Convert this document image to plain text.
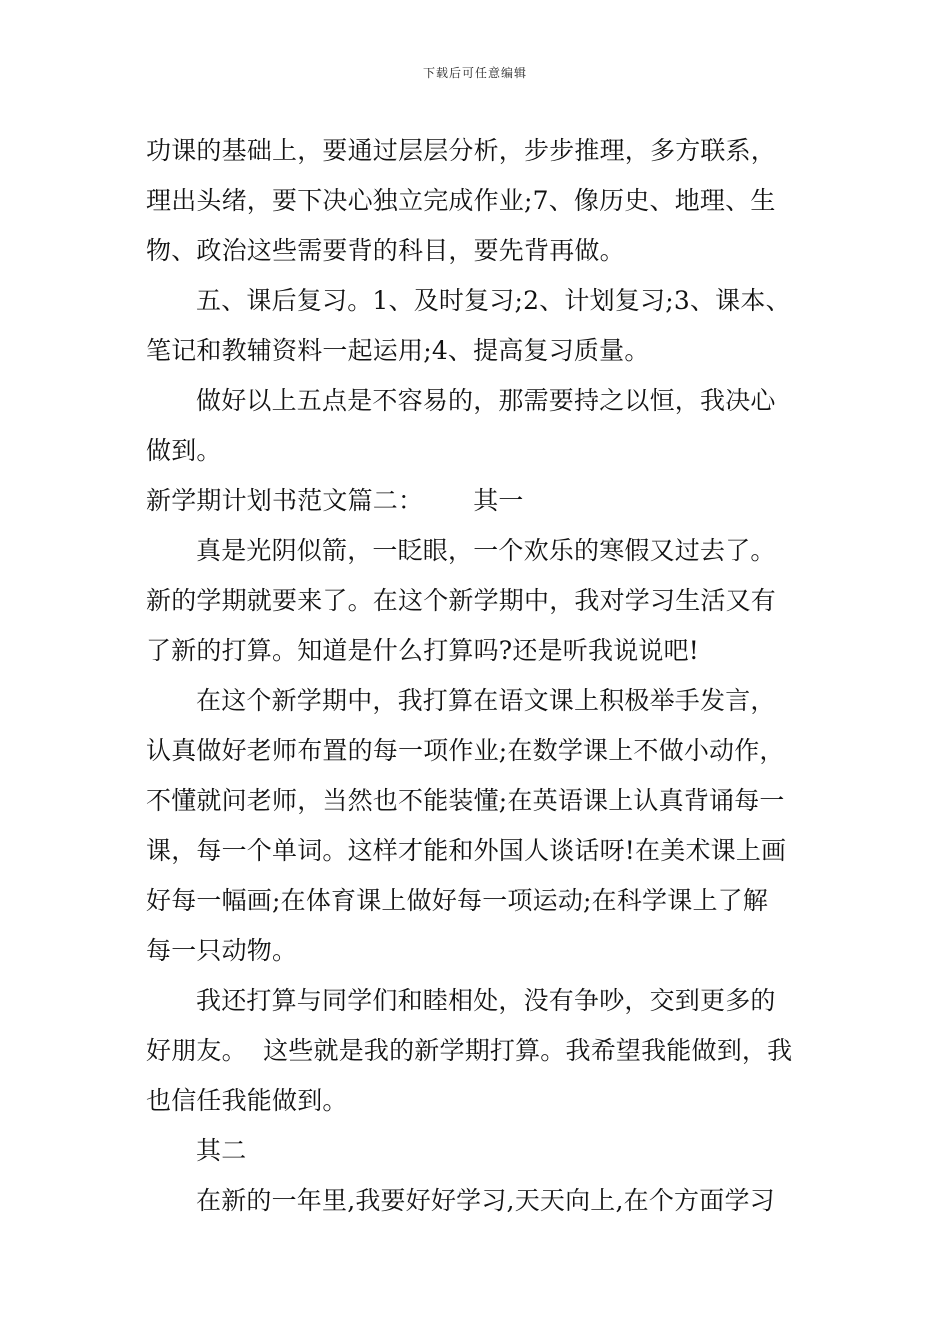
下载后可任意编辑
功课的基础上，要通过层层分析，步步推理，多方联系，
理出头绪，要下决心独立完成作业;7、像历史、地理、生
物、政治这些需要背的科目，要先背再做。
五、课后复习。1、及时复习;2、计划复习;3、课本、
笔记和教辅资料一起运用;4、提高复习质量。
做好以上五点是不容易的，那需要持之以恒，我决心
做到。
新学期计划书范文篇二： 其一
真是光阴似箭，一眨眼，一个欢乐的寒假又过去了。
新的学期就要来了。在这个新学期中，我对学习生活又有
了新的打算。知道是什么打算吗?还是听我说说吧!
在这个新学期中，我打算在语文课上积极举手发言，
认真做好老师布置的每一项作业;在数学课上不做小动作，
不懂就问老师，当然也不能装懂;在英语课上认真背诵每一
课，每一个单词。这样才能和外国人谈话呀!在美术课上画
好每一幅画;在体育课上做好每一项运动;在科学课上了解
每一只动物。
我还打算与同学们和睦相处，没有争吵，交到更多的
好朋友。  这些就是我的新学期打算。我希望我能做到，我
也信任我能做到。
其二
在新的一年里,我要好好学习,天天向上,在个方面学习
